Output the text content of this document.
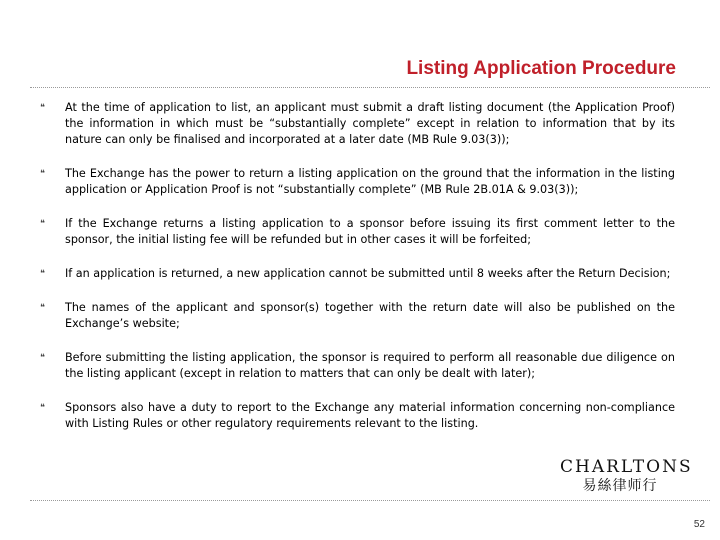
Listing Application Procedure
❝ At the time of application to list, an applicant must submit a draft listing document (the Application Proof) the information in which must be “substantially complete” except in relation to information that by its nature can only be finalised and incorporated at a later date (MB Rule 9.03(3));
❝ The Exchange has the power to return a listing application on the ground that the information in the listing application or Application Proof is not “substantially complete” (MB Rule 2B.01A & 9.03(3));
❝ If the Exchange returns a listing application to a sponsor before issuing its first comment letter to the sponsor, the initial listing fee will be refunded but in other cases it will be forfeited;
❝ If an application is returned, a new application cannot be submitted until 8 weeks after the Return Decision;
❝ The names of the applicant and sponsor(s) together with the return date will also be published on the Exchange’s website;
❝ Before submitting the listing application, the sponsor is required to perform all reasonable due diligence on the listing applicant (except in relation to matters that can only be dealt with later);
❝ Sponsors also have a duty to report to the Exchange any material information concerning non-compliance with Listing Rules or other regulatory requirements relevant to the listing.
CHARLTONS
易絲律师行
52
